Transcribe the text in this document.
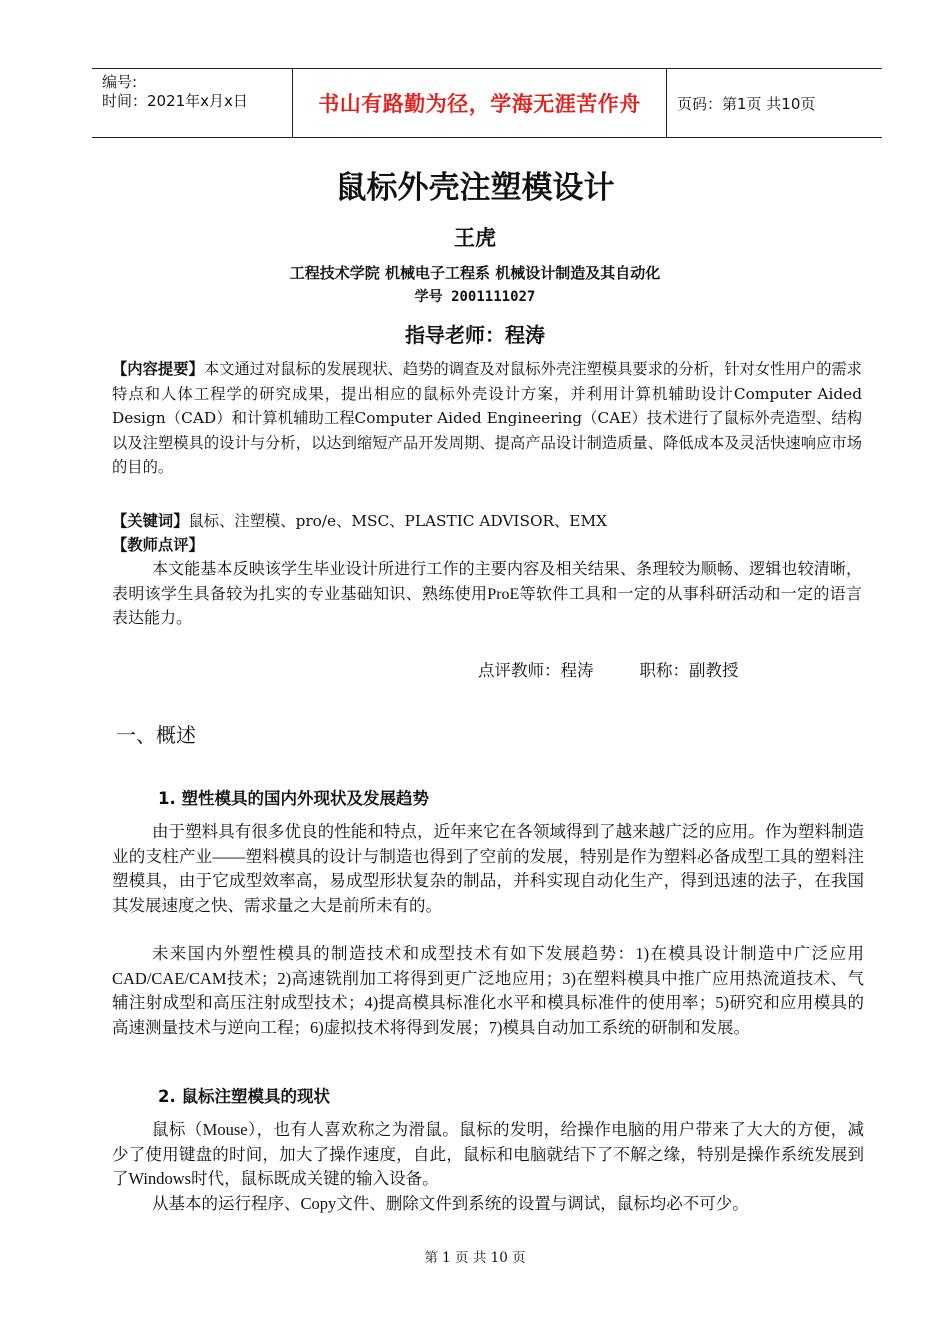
编号:
时间：2021年x月x日	书山有路勤为径，学海无涯苦作舟	页码：第1页 共10页
鼠标外壳注塑模设计
王虎
工程技术学院 机械电子工程系 机械设计制造及其自动化
学号 2001111027
指导老师：程涛
【内容提要】本文通过对鼠标的发展现状、趋势的调查及对鼠标外壳注塑模具要求的分析，针对女性用户的需求特点和人体工程学的研究成果，提出相应的鼠标外壳设计方案，并利用计算机辅助设计Computer Aided Design（CAD）和计算机辅助工程Computer Aided Engineering（CAE）技术进行了鼠标外壳造型、结构以及注塑模具的设计与分析，以达到缩短产品开发周期、提高产品设计制造质量、降低成本及灵活快速响应市场的目的。
【关键词】鼠标、注塑模、pro/e、MSC、PLASTIC ADVISOR、EMX
【教师点评】
本文能基本反映该学生毕业设计所进行工作的主要内容及相关结果、条理较为顺畅、逻辑也较清晰，表明该学生具备较为扎实的专业基础知识、熟练使用ProE等软件工具和一定的从事科研活动和一定的语言表达能力。
点评教师：程涛	职称：副教授
一、概述
1. 塑性模具的国内外现状及发展趋势
由于塑料具有很多优良的性能和特点，近年来它在各领域得到了越来越广泛的应用。作为塑料制造业的支柱产业——塑料模具的设计与制造也得到了空前的发展，特别是作为塑料必备成型工具的塑料注塑模具，由于它成型效率高，易成型形状复杂的制品，并科实现自动化生产，得到迅速的法子，在我国其发展速度之快、需求量之大是前所未有的。
未来国内外塑性模具的制造技术和成型技术有如下发展趋势：1)在模具设计制造中广泛应用CAD/CAE/CAM技术；2)高速铣削加工将得到更广泛地应用；3)在塑料模具中推广应用热流道技术、气辅注射成型和高压注射成型技术；4)提高模具标准化水平和模具标准件的使用率；5)研究和应用模具的高速测量技术与逆向工程；6)虚拟技术将得到发展；7)模具自动加工系统的研制和发展。
2. 鼠标注塑模具的现状
鼠标（Mouse），也有人喜欢称之为滑鼠。鼠标的发明，给操作电脑的用户带来了大大的方便，减少了使用键盘的时间，加大了操作速度，自此，鼠标和电脑就结下了不解之缘，特别是操作系统发展到了Windows时代，鼠标既成关键的输入设备。
从基本的运行程序、Copy文件、删除文件到系统的设置与调试，鼠标均必不可少。
第 1 页 共 10 页
